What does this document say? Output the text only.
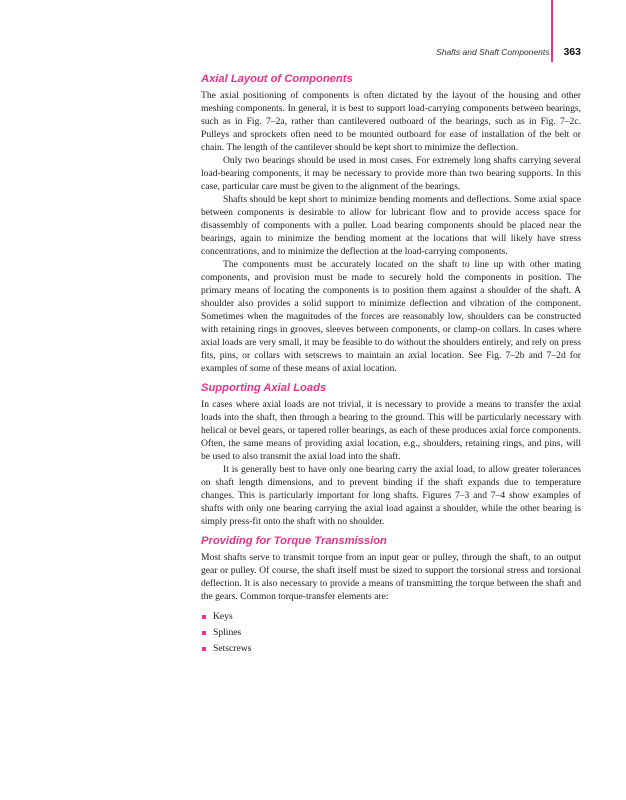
Shafts and Shaft Components 363
Axial Layout of Components

The axial positioning of components is often dictated by the layout of the housing and other meshing components. In general, it is best to support load-carrying components between bearings, such as in Fig. 7–2a, rather than cantilevered outboard of the bearings, such as in Fig. 7–2c. Pulleys and sprockets often need to be mounted outboard for ease of installation of the belt or chain. The length of the cantilever should be kept short to minimize the deflection.

Only two bearings should be used in most cases. For extremely long shafts carrying several load-bearing components, it may be necessary to provide more than two bearing supports. In this case, particular care must be given to the alignment of the bearings.

Shafts should be kept short to minimize bending moments and deflections. Some axial space between components is desirable to allow for lubricant flow and to provide access space for disassembly of components with a puller. Load bearing components should be placed near the bearings, again to minimize the bending moment at the locations that will likely have stress concentrations, and to minimize the deflection at the load-carrying components.

The components must be accurately located on the shaft to line up with other mating components, and provision must be made to securely hold the components in position. The primary means of locating the components is to position them against a shoulder of the shaft. A shoulder also provides a solid support to minimize deflection and vibration of the component. Sometimes when the magnitudes of the forces are reasonably low, shoulders can be constructed with retaining rings in grooves, sleeves between components, or clamp-on collars. In cases where axial loads are very small, it may be feasible to do without the shoulders entirely, and rely on press fits, pins, or collars with setscrews to maintain an axial location. See Fig. 7–2b and 7–2d for examples of some of these means of axial location.

Supporting Axial Loads

In cases where axial loads are not trivial, it is necessary to provide a means to transfer the axial loads into the shaft, then through a bearing to the ground. This will be particularly necessary with helical or bevel gears, or tapered roller bearings, as each of these produces axial force components. Often, the same means of providing axial location, e.g., shoulders, retaining rings, and pins, will be used to also transmit the axial load into the shaft.

It is generally best to have only one bearing carry the axial load, to allow greater tolerances on shaft length dimensions, and to prevent binding if the shaft expands due to temperature changes. This is particularly important for long shafts. Figures 7–3 and 7–4 show examples of shafts with only one bearing carrying the axial load against a shoulder, while the other bearing is simply press-fit onto the shaft with no shoulder.

Providing for Torque Transmission

Most shafts serve to transmit torque from an input gear or pulley, through the shaft, to an output gear or pulley. Of course, the shaft itself must be sized to support the torsional stress and torsional deflection. It is also necessary to provide a means of transmitting the torque between the shaft and the gears. Common torque-transfer elements are:

Keys
Splines
Setscrews
